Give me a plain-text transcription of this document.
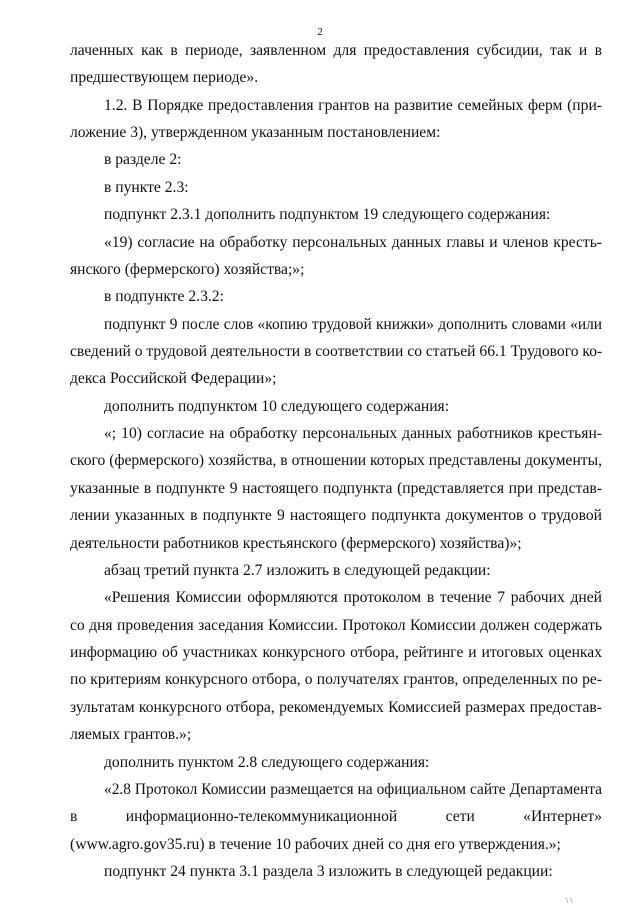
2
лаченных как в периоде, заявленном для предоставления субсидии, так и в
предшествующем периоде».
1.2. В Порядке предоставления грантов на развитие семейных ферм (при-
ложение 3), утвержденном указанным постановлением:
в разделе 2:
в пункте 2.3:
подпункт 2.3.1 дополнить подпунктом 19 следующего содержания:
«19) согласие на обработку персональных данных главы и членов кресть-
янского (фермерского) хозяйства;»;
в подпункте 2.3.2:
подпункт 9 после слов «копию трудовой книжки» дополнить словами «или
сведений о трудовой деятельности в соответствии со статьей 66.1 Трудового ко-
декса Российской Федерации»;
дополнить подпунктом 10 следующего содержания:
«; 10) согласие на обработку персональных данных работников крестьян-
ского (фермерского) хозяйства, в отношении которых представлены документы,
указанные в подпункте 9 настоящего подпункта (представляется при представ-
лении указанных в подпункте 9 настоящего подпункта документов о трудовой
деятельности работников крестьянского (фермерского) хозяйства)»;
абзац третий пункта 2.7 изложить в следующей редакции:
«Решения Комиссии оформляются протоколом в течение 7 рабочих дней
со дня проведения заседания Комиссии. Протокол Комиссии должен содержать
информацию об участниках конкурсного отбора, рейтинге и итоговых оценках
по критериям конкурсного отбора, о получателях грантов, определенных по ре-
зультатам конкурсного отбора, рекомендуемых Комиссией размерах предостав-
ляемых грантов.»;
дополнить пунктом 2.8 следующего содержания:
«2.8 Протокол Комиссии размещается на официальном сайте Департамента
в информационно-телекоммуникационной сети «Интернет»
(www.agro.gov35.ru) в течение 10 рабочих дней со дня его утверждения.»;
подпункт 24 пункта 3.1 раздела 3 изложить в следующей редакции:
\ \
